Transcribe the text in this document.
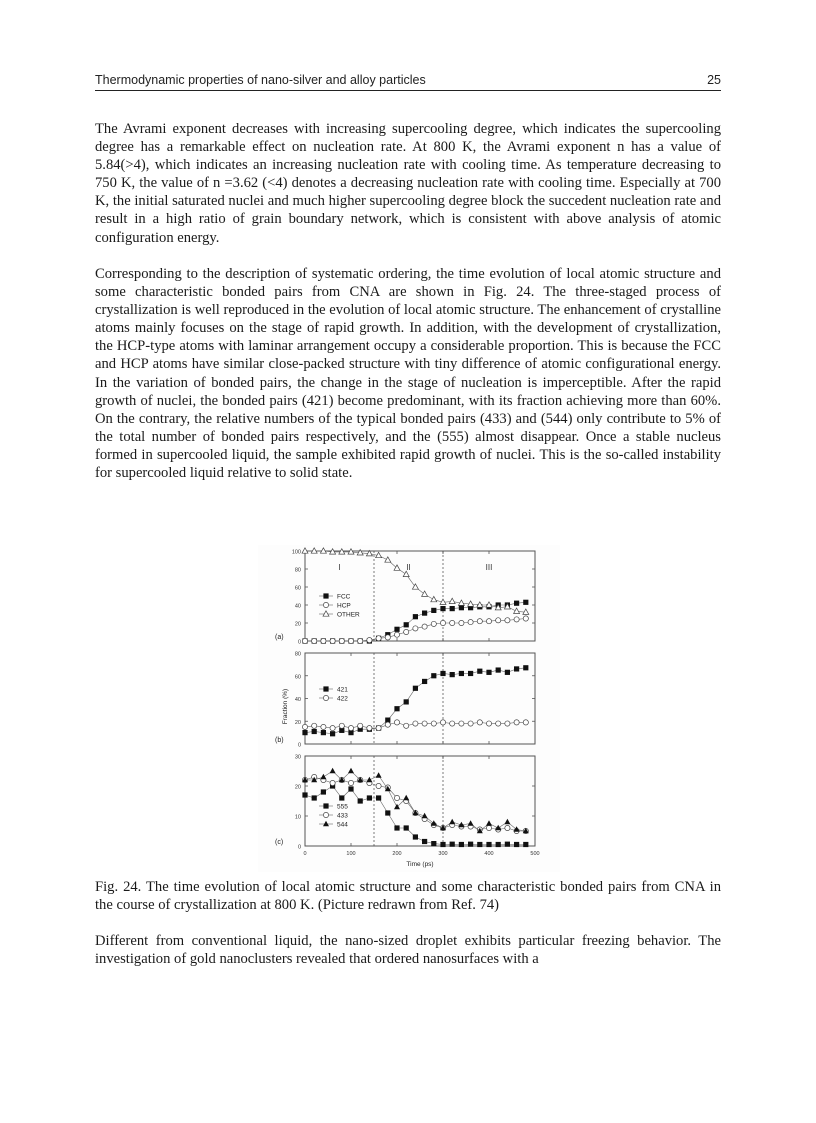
Thermodynamic properties of nano-silver and alloy particles	25
The Avrami exponent decreases with increasing supercooling degree, which indicates the supercooling degree has a remarkable effect on nucleation rate. At 800 K, the Avrami exponent n has a value of 5.84(>4), which indicates an increasing nucleation rate with cooling time. As temperature decreasing to 750 K, the value of n =3.62 (<4) denotes a decreasing nucleation rate with cooling time. Especially at 700 K, the initial saturated nuclei and much higher supercooling degree block the succedent nucleation rate and result in a high ratio of grain boundary network, which is consistent with above analysis of atomic configuration energy.
Corresponding to the description of systematic ordering, the time evolution of local atomic structure and some characteristic bonded pairs from CNA are shown in Fig. 24. The three-staged process of crystallization is well reproduced in the evolution of local atomic structure. The enhancement of crystalline atoms mainly focuses on the stage of rapid growth. In addition, with the development of crystallization, the HCP-type atoms with laminar arrangement occupy a considerable proportion. This is because the FCC and HCP atoms have similar close-packed structure with tiny difference of atomic configurational energy. In the variation of bonded pairs, the change in the stage of nucleation is imperceptible. After the rapid growth of nuclei, the bonded pairs (421) become predominant, with its fraction achieving more than 60%. On the contrary, the relative numbers of the typical bonded pairs (433) and (544) only contribute to 5% of the total number of bonded pairs respectively, and the (555) almost disappear. Once a stable nucleus formed in supercooled liquid, the sample exhibited rapid growth of nuclei. This is the so-called instability for supercooled liquid relative to solid state.
0
20
40
60
80
100
(a)
I	II	III
FCC
HCP
OTHER
0
20
40
60
80
(b)
421
422
Fraction (%)
0
10
20
30
(c)
555
433
544
0	100	200	300	400	500
Time (ps)
Fig. 24. The time evolution of local atomic structure and some characteristic bonded pairs from CNA in the course of crystallization at 800 K. (Picture redrawn from Ref. 74)
Different from conventional liquid, the nano-sized droplet exhibits particular freezing behavior. The investigation of gold nanoclusters revealed that ordered nanosurfaces with a
